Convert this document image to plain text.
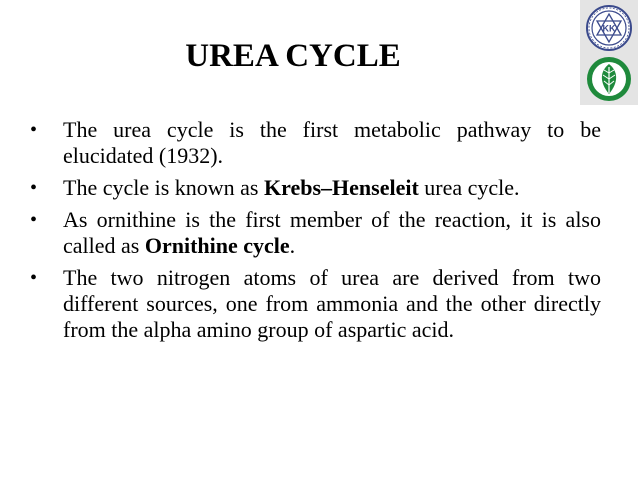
UREA CYCLE
KK
• The urea cycle is the first metabolic pathway to be elucidated (1932).
• The cycle is known as Krebs–Henseleit urea cycle.
• As ornithine is the first member of the reaction, it is also called as Ornithine cycle.
• The two nitrogen atoms of urea are derived from two different sources, one from ammonia and the other directly from the alpha amino group of aspartic acid.
